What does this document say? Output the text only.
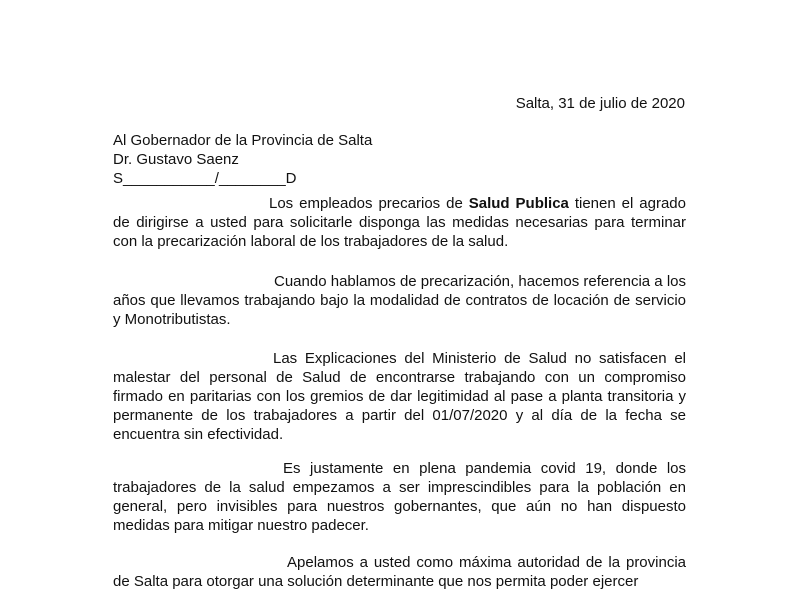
Salta, 31 de julio de 2020
Al Gobernador de la Provincia de Salta
Dr. Gustavo Saenz
S___________/________D
Los empleados precarios de Salud Publica tienen el agrado de dirigirse a usted para solicitarle disponga las medidas necesarias para terminar con la precarización laboral de los trabajadores de la salud.
Cuando hablamos de precarización, hacemos referencia a los años que llevamos trabajando bajo la modalidad de contratos de locación de servicio y Monotributistas.
Las Explicaciones del Ministerio de Salud no satisfacen el malestar del personal de Salud de encontrarse trabajando con un compromiso firmado en paritarias con los gremios de dar legitimidad al pase a planta transitoria y permanente de los trabajadores a partir del 01/07/2020 y al día de la fecha se encuentra sin efectividad.
Es justamente en plena pandemia covid 19, donde los trabajadores de la salud empezamos a ser imprescindibles para la población en general, pero invisibles para nuestros gobernantes, que aún no han dispuesto medidas para mitigar nuestro padecer.
Apelamos a usted como máxima autoridad de la provincia de Salta para otorgar una solución determinante que nos permita poder ejercer
